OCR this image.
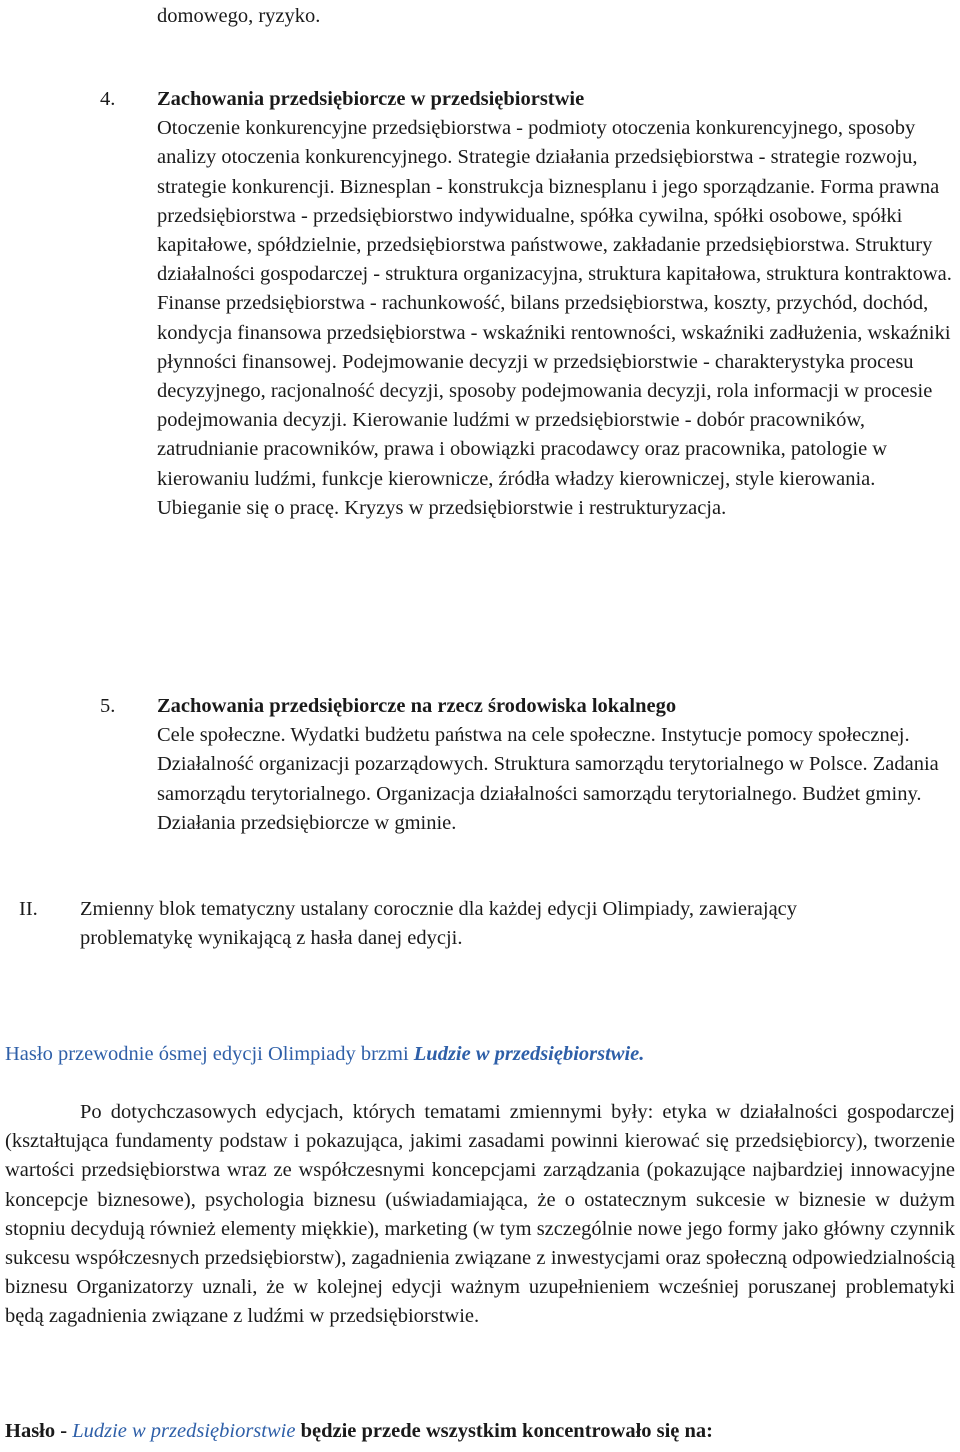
domowego, ryzyko.
4. Zachowania przedsiębiorcze w przedsiębiorstwie
Otoczenie konkurencyjne przedsiębiorstwa - podmioty otoczenia konkurencyjnego, sposoby analizy otoczenia konkurencyjnego. Strategie działania przedsiębiorstwa - strategie rozwoju, strategie konkurencji. Biznesplan - konstrukcja biznesplanu i jego sporządzanie. Forma prawna przedsiębiorstwa - przedsiębiorstwo indywidualne, spółka cywilna, spółki osobowe, spółki kapitałowe, spółdzielnie, przedsiębiorstwa państwowe, zakładanie przedsiębiorstwa. Struktury działalności gospodarczej - struktura organizacyjna, struktura kapitałowa, struktura kontraktowa. Finanse przedsiębiorstwa - rachunkowość, bilans przedsiębiorstwa, koszty, przychód, dochód, kondycja finansowa przedsiębiorstwa - wskaźniki rentowności, wskaźniki zadłużenia, wskaźniki płynności finansowej. Podejmowanie decyzji w przedsiębiorstwie - charakterystyka procesu decyzyjnego, racjonalność decyzji, sposoby podejmowania decyzji, rola informacji w procesie podejmowania decyzji. Kierowanie ludźmi w przedsiębiorstwie - dobór pracowników, zatrudnianie pracowników, prawa i obowiązki pracodawcy oraz pracownika, patologie w kierowaniu ludźmi, funkcje kierownicze, źródła władzy kierowniczej, style kierowania. Ubieganie się o pracę. Kryzys w przedsiębiorstwie i restrukturyzacja.
5. Zachowania przedsiębiorcze na rzecz środowiska lokalnego
Cele społeczne. Wydatki budżetu państwa na cele społeczne. Instytucje pomocy społecznej. Działalność organizacji pozarządowych. Struktura samorządu terytorialnego w Polsce. Zadania samorządu terytorialnego. Organizacja działalności samorządu terytorialnego. Budżet gminy. Działania przedsiębiorcze w gminie.
II. Zmienny blok tematyczny ustalany corocznie dla każdej edycji Olimpiady, zawierający problematykę wynikającą z hasła danej edycji.
Hasło przewodnie ósmej edycji Olimpiady brzmi Ludzie w przedsiębiorstwie.
Po dotychczasowych edycjach, których tematami zmiennymi były: etyka w działalności gospodarczej (kształtująca fundamenty podstaw i pokazująca, jakimi zasadami powinni kierować się przedsiębiorcy), tworzenie wartości przedsiębiorstwa wraz ze współczesnymi koncepcjami zarządzania (pokazujące najbardziej innowacyjne koncepcje biznesowe), psychologia biznesu (uświadamiająca, że o ostatecznym sukcesie w biznesie w dużym stopniu decydują również elementy miękkie), marketing (w tym szczególnie nowe jego formy jako główny czynnik sukcesu współczesnych przedsiębiorstw), zagadnienia związane z inwestycjami oraz społeczną odpowiedzialnością biznesu Organizatorzy uznali, że w kolejnej edycji ważnym uzupełnieniem wcześniej poruszanej problematyki będą zagadnienia związane z ludźmi w przedsiębiorstwie.
Hasło - Ludzie w przedsiębiorstwie będzie przede wszystkim koncentrowało się na:
